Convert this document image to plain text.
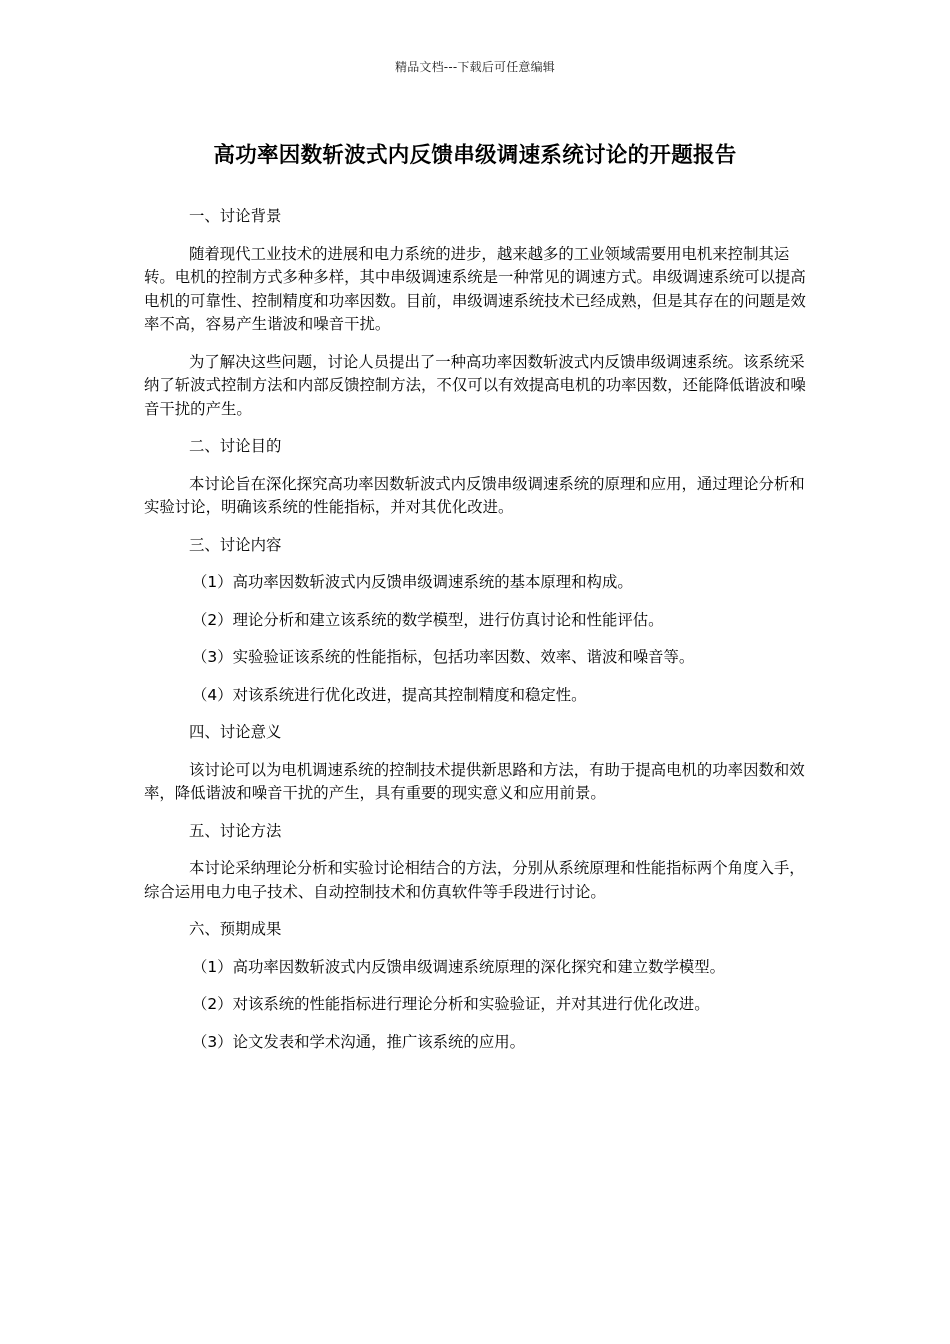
精品文档---下载后可任意编辑
高功率因数斩波式内反馈串级调速系统讨论的开题报告
一、讨论背景
随着现代工业技术的进展和电力系统的进步，越来越多的工业领域需要用电机来控制其运转。电机的控制方式多种多样，其中串级调速系统是一种常见的调速方式。串级调速系统可以提高电机的可靠性、控制精度和功率因数。目前，串级调速系统技术已经成熟，但是其存在的问题是效率不高，容易产生谐波和噪音干扰。
为了解决这些问题，讨论人员提出了一种高功率因数斩波式内反馈串级调速系统。该系统采纳了斩波式控制方法和内部反馈控制方法，不仅可以有效提高电机的功率因数，还能降低谐波和噪音干扰的产生。
二、讨论目的
本讨论旨在深化探究高功率因数斩波式内反馈串级调速系统的原理和应用，通过理论分析和实验讨论，明确该系统的性能指标，并对其优化改进。
三、讨论内容
（1）高功率因数斩波式内反馈串级调速系统的基本原理和构成。
（2）理论分析和建立该系统的数学模型，进行仿真讨论和性能评估。
（3）实验验证该系统的性能指标，包括功率因数、效率、谐波和噪音等。
（4）对该系统进行优化改进，提高其控制精度和稳定性。
四、讨论意义
该讨论可以为电机调速系统的控制技术提供新思路和方法，有助于提高电机的功率因数和效率，降低谐波和噪音干扰的产生，具有重要的现实意义和应用前景。
五、讨论方法
本讨论采纳理论分析和实验讨论相结合的方法，分别从系统原理和性能指标两个角度入手，综合运用电力电子技术、自动控制技术和仿真软件等手段进行讨论。
六、预期成果
（1）高功率因数斩波式内反馈串级调速系统原理的深化探究和建立数学模型。
（2）对该系统的性能指标进行理论分析和实验验证，并对其进行优化改进。
（3）论文发表和学术沟通，推广该系统的应用。
